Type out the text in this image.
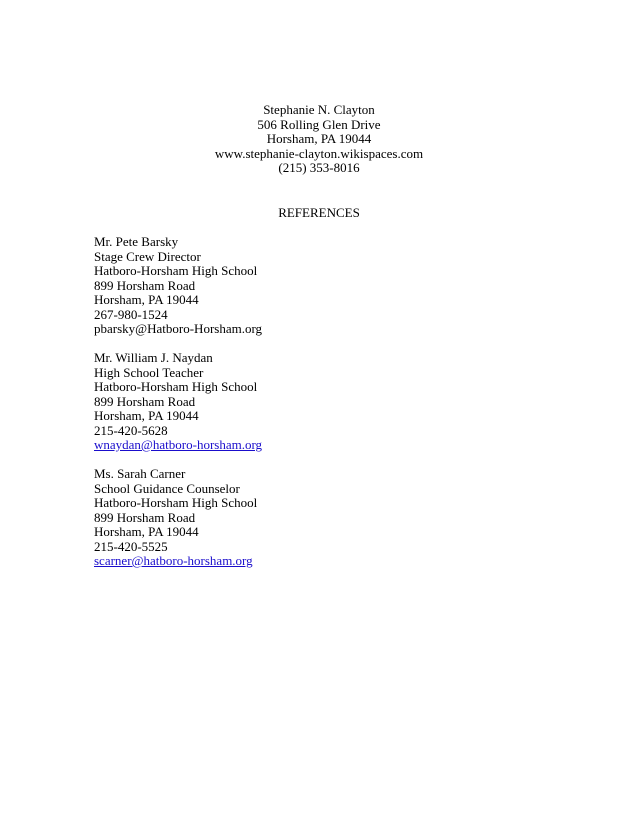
Stephanie N. Clayton
506 Rolling Glen Drive
Horsham, PA 19044
www.stephanie-clayton.wikispaces.com
(215) 353-8016
REFERENCES
Mr. Pete Barsky
Stage Crew Director
Hatboro-Horsham High School
899 Horsham Road
Horsham, PA 19044
267-980-1524
pbarsky@Hatboro-Horsham.org
Mr. William J. Naydan
High School Teacher
Hatboro-Horsham High School
899 Horsham Road
Horsham, PA 19044
215-420-5628
wnaydan@hatboro-horsham.org
Ms. Sarah Carner
School Guidance Counselor
Hatboro-Horsham High School
899 Horsham Road
Horsham, PA 19044
215-420-5525
scarner@hatboro-horsham.org
